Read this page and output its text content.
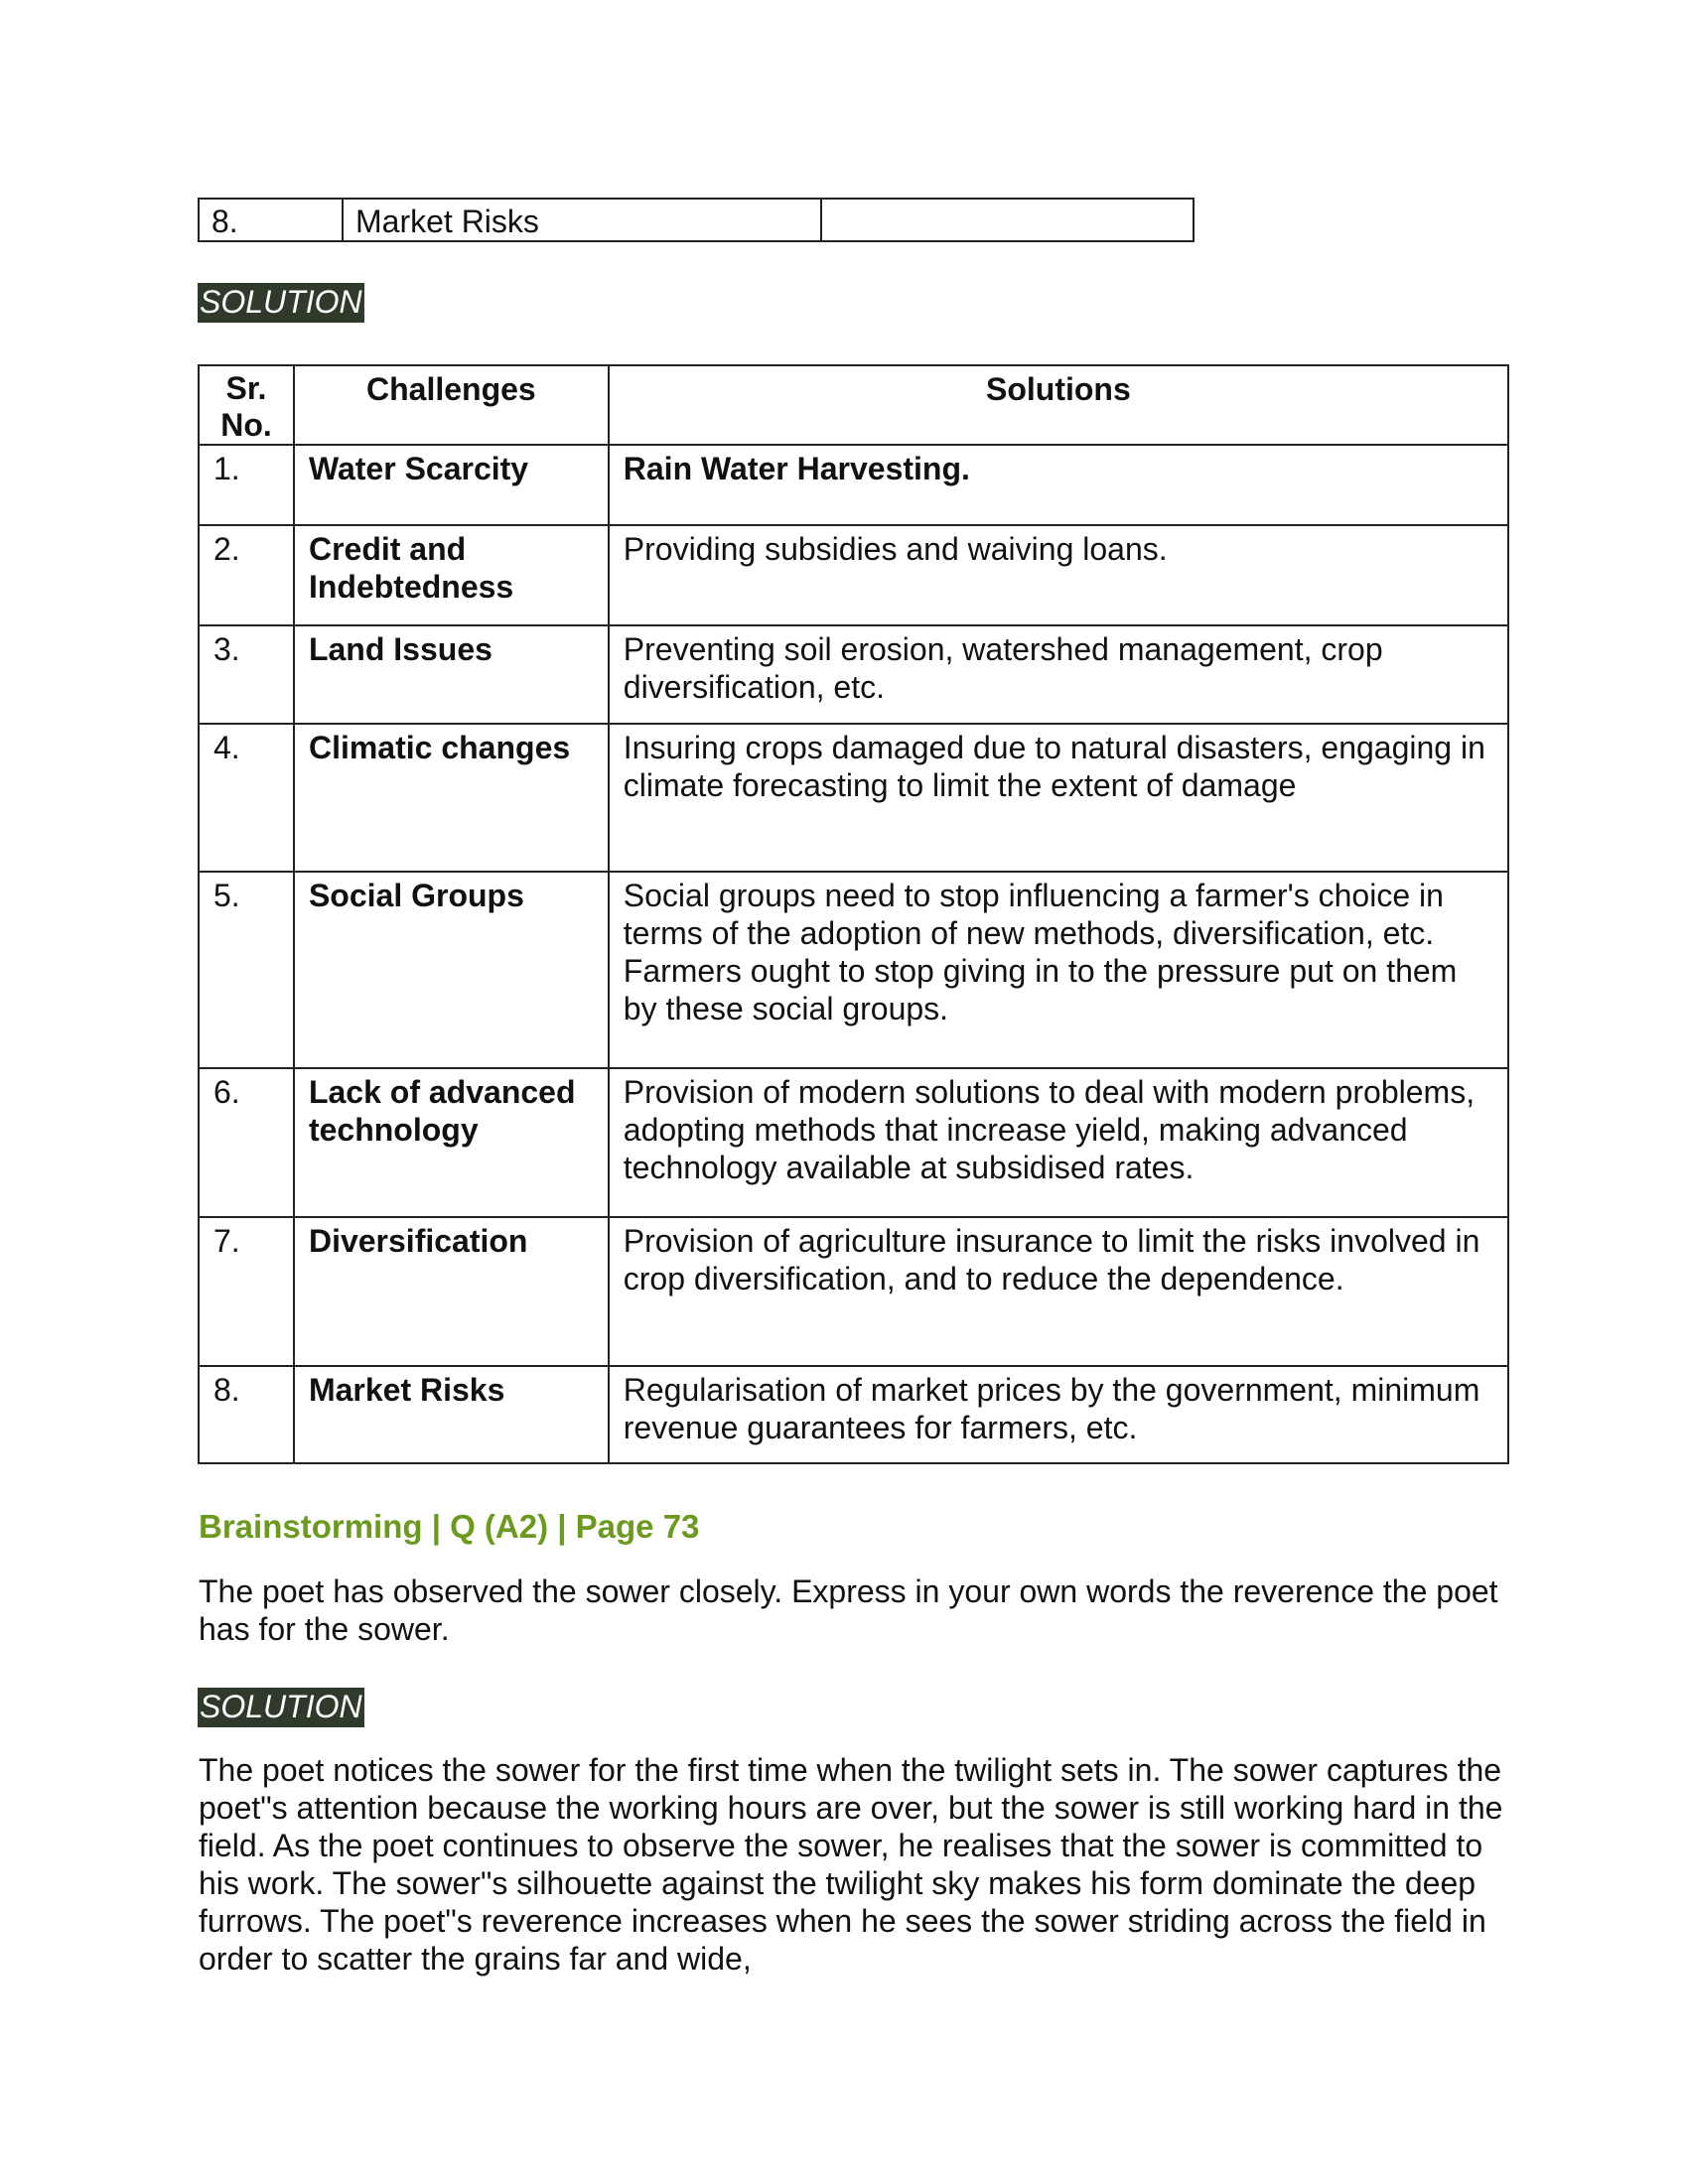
8.	Market Risks
SOLUTION
Sr. No.	Challenges	Solutions
1.	Water Scarcity	Rain Water Harvesting.
2.	Credit and Indebtedness	Providing subsidies and waiving loans.
3.	Land Issues	Preventing soil erosion, watershed management, crop diversification, etc.
4.	Climatic changes	Insuring crops damaged due to natural disasters, engaging in climate forecasting to limit the extent of damage
5.	Social Groups	Social groups need to stop influencing a farmer's choice in terms of the adoption of new methods, diversification, etc. Farmers ought to stop giving in to the pressure put on them by these social groups.
6.	Lack of advanced technology	Provision of modern solutions to deal with modern problems, adopting methods that increase yield, making advanced technology available at subsidised rates.
7.	Diversification	Provision of agriculture insurance to limit the risks involved in crop diversification, and to reduce the dependence.
8.	Market Risks	Regularisation of market prices by the government, minimum revenue guarantees for farmers, etc.
Brainstorming | Q (A2) | Page 73
The poet has observed the sower closely. Express in your own words the reverence the poet has for the sower.
SOLUTION
The poet notices the sower for the first time when the twilight sets in. The sower captures the poet"s attention because the working hours are over, but the sower is still working hard in the field. As the poet continues to observe the sower, he realises that the sower is committed to his work. The sower"s silhouette against the twilight sky makes his form dominate the deep furrows. The poet"s reverence increases when he sees the sower striding across the field in order to scatter the grains far and wide,
